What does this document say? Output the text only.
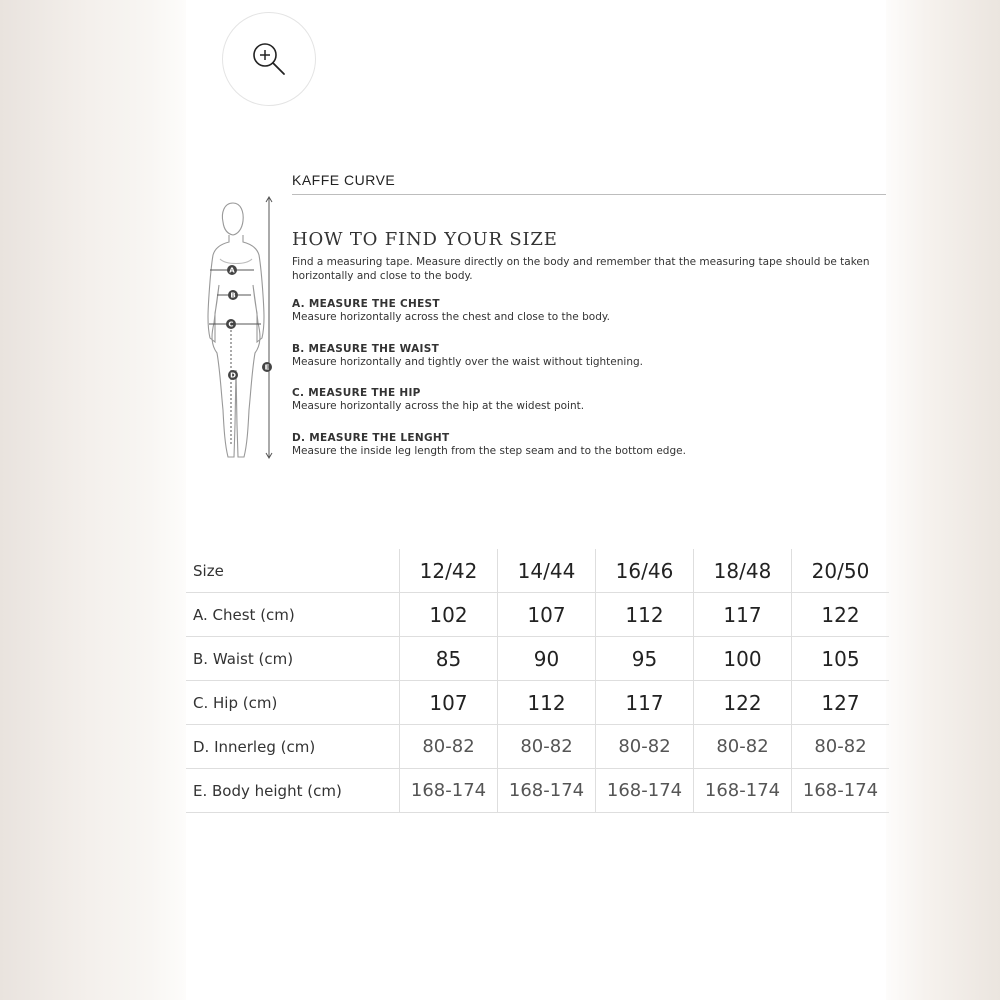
KAFFE CURVE
A
B
C
D
E
HOW TO FIND YOUR SIZE
Find a measuring tape. Measure directly on the body and remember that the measuring tape should be taken horizontally and close to the body.
A. MEASURE THE CHEST
Measure horizontally across the chest and close to the body.
B. MEASURE THE WAIST
Measure horizontally and tightly over the waist without tightening.
C. MEASURE THE HIP
Measure horizontally across the hip at the widest point.
D. MEASURE THE LENGHT
Measure the inside leg length from the step seam and to the bottom edge.
Size	12/42	14/44	16/46	18/48	20/50
A. Chest (cm)	102	107	112	117	122
B. Waist (cm)	85	90	95	100	105
C. Hip (cm)	107	112	117	122	127
D. Innerleg (cm)	80-82	80-82	80-82	80-82	80-82
E. Body height (cm)	168-174	168-174	168-174	168-174	168-174
